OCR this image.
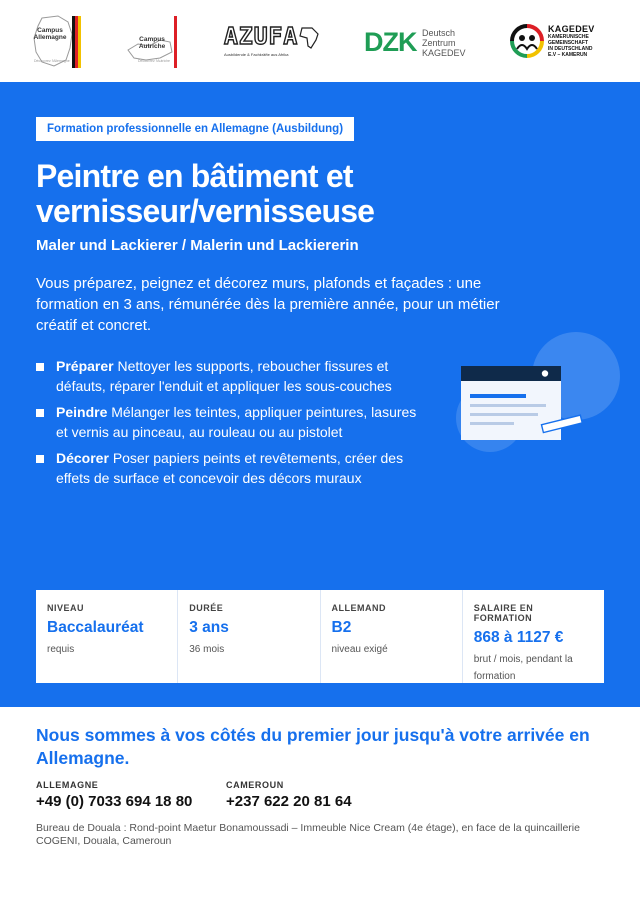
Campus
Allemagne
Découvrez l'Allemagne
Campus
Autriche
Découvrez l'Autriche
AZUFA
Ausbildende & Fachkräfte aus Afrika	DZK Deutsch
Zentrum
KAGEDEV
KAGEDEV
KAMERUNISCHE
GEMEINSCHAFT
IN DEUTSCHLAND
E.V – KAMERUN
Formation professionnelle en Allemagne (Ausbildung)
Peintre en bâtiment et vernisseur/vernisseuse
Maler und Lackierer / Malerin und Lackiererin

Vous préparez, peignez et décorez murs, plafonds et façades : une formation en 3 ans, rémunérée dès la première année, pour un métier créatif et concret.

Préparer Nettoyer les supports, reboucher fissures et défauts, réparer l'enduit et appliquer les sous-couches
Peindre Mélanger les teintes, appliquer peintures, lasures et vernis au pinceau, au rouleau ou au pistolet
Décorer Poser papiers peints et revêtements, créer des effets de surface et concevoir des décors muraux
NIVEAU
Baccalauréat
requis
DURÉE
3 ans
36 mois
ALLEMAND
B2
niveau exigé
SALAIRE EN FORMATION
868 à 1127 €
brut / mois, pendant la formation
Nous sommes à vos côtés du premier jour jusqu'à votre arrivée en Allemagne.
ALLEMAGNE
+49 (0) 7033 694 18 80
CAMEROUN
+237 622 20 81 64

Bureau de Douala : Rond-point Maetur Bonamoussadi – Immeuble Nice Cream (4e étage), en face de la quincaillerie COGENI, Douala, Cameroun
